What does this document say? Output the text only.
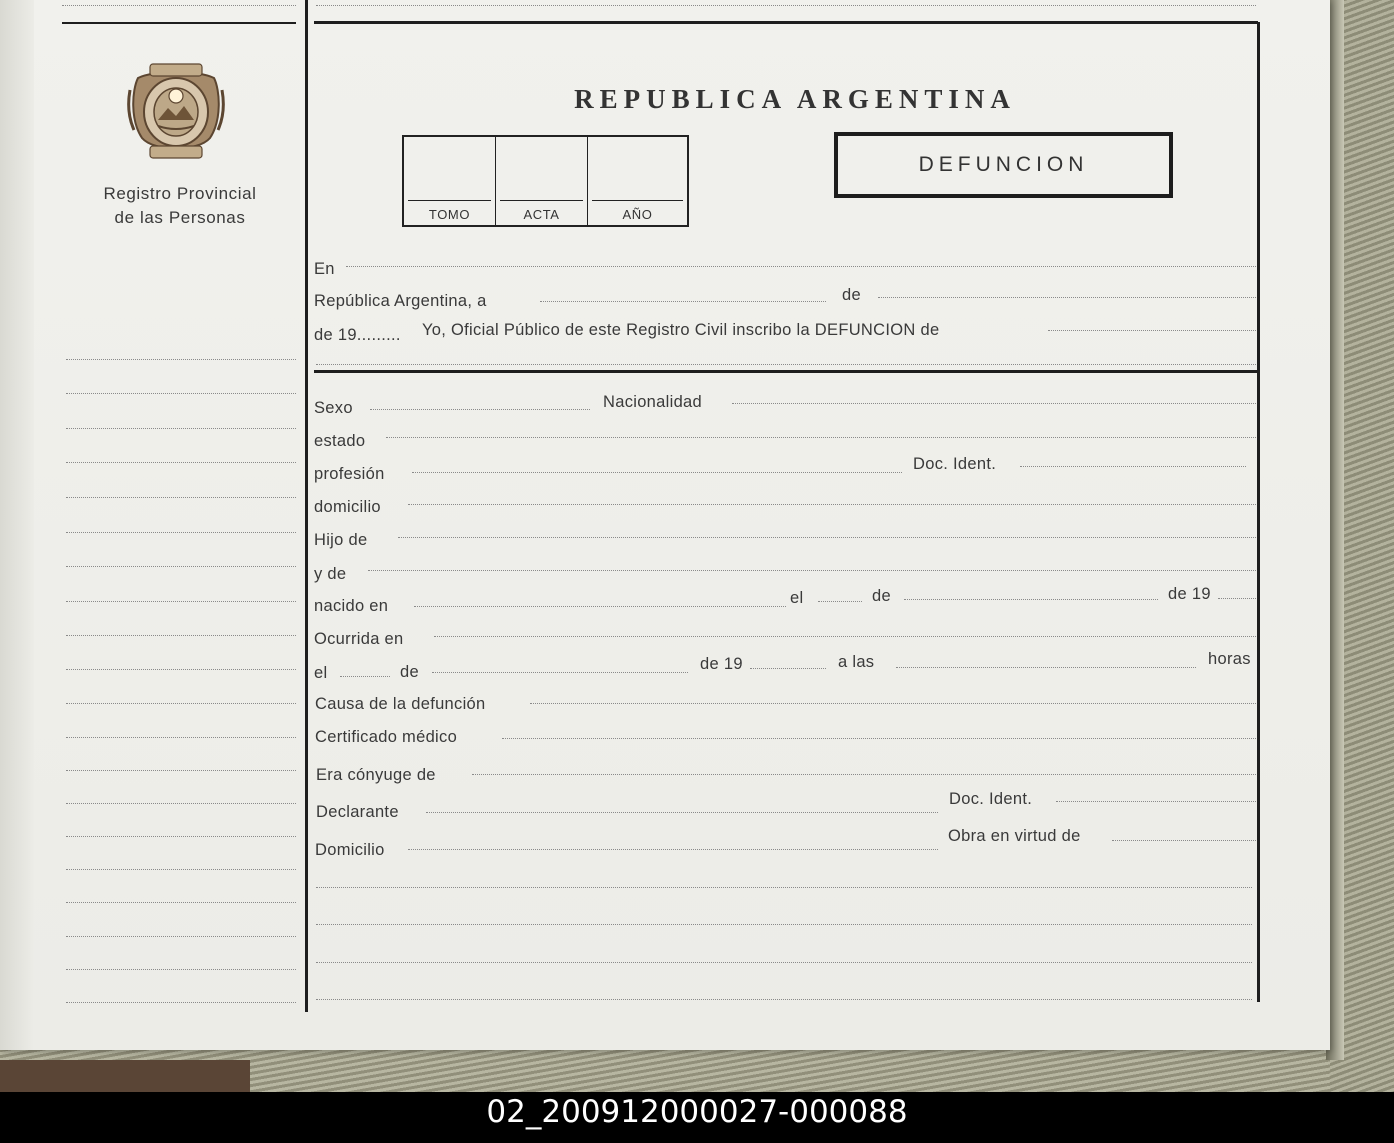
Registro Provincial
de las Personas
REPUBLICA ARGENTINA
TOMO	ACTA	AÑO
DEFUNCION
En
República Argentina, a	de
de 19......... Yo, Oficial Público de este Registro Civil inscribo la DEFUNCION de
Sexo	Nacionalidad
estado
profesión
Doc. Ident.
domicilio
Hijo de
y de
nacido en	el	de	de 19
Ocurrida en
el	de	de 19	a las	horas
Causa de la defunción
Certificado médico
Era cónyuge de
Declarante
Doc. Ident.
Domicilio
Obra en virtud de
02_200912000027-000088
